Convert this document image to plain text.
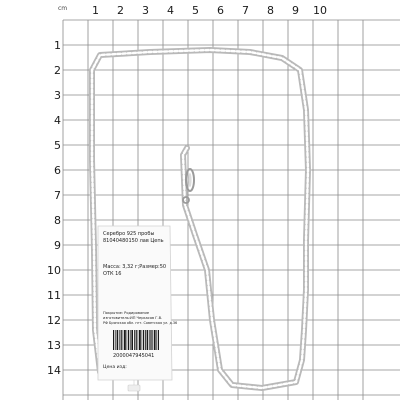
cm 1 2 3 4 5 6 7 8 9 10
1
2
3
4
5
6
7
8
9
10
11
12
13
14
Серебро 925 пробы
81040480150 лав Цепь
Масса: 3,32 г;Размер:50
ОТК 16
Покрытие: Родирование
изготовитель:ИП Черкасов Г.В.
РФ Брянская обл. пгт. Советская ул. д.36
2000047945041
Цена изд:
